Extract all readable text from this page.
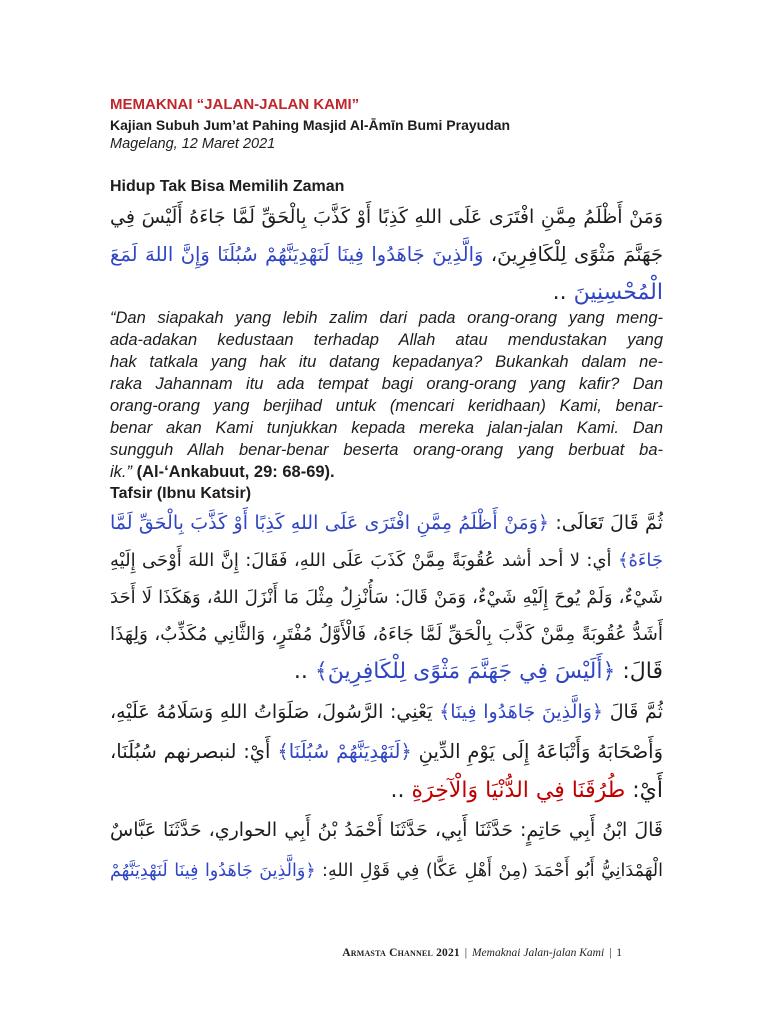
MEMAKNAI “JALAN-JALAN KAMI”
Kajian Subuh Jum’at Pahing Masjid Al-Āmīn Bumi Prayudan
Magelang, 12 Maret 2021
Hidup Tak Bisa Memilih Zaman
وَمَنْ أَظْلَمُ مِمَّنِ افْتَرَى عَلَى اللهِ كَذِبًا أَوْ كَذَّبَ بِالْحَقِّ لَمَّا جَاءَهُ أَلَيْسَ فِي
جَهَنَّمَ مَثْوًى لِلْكَافِرِينَ، وَالَّذِينَ جَاهَدُوا فِينَا لَنَهْدِيَنَّهُمْ سُبُلَنَا وَإِنَّ اللهَ لَمَعَ
الْمُحْسِنِينَ ..
“Dan siapakah yang lebih zalim dari pada orang-orang yang meng-
ada-adakan kedustaan terhadap Allah atau mendustakan yang
hak tatkala yang hak itu datang kepadanya? Bukankah dalam ne-
raka Jahannam itu ada tempat bagi orang-orang yang kafir? Dan
orang-orang yang berjihad untuk (mencari keridhaan) Kami, benar-
benar akan Kami tunjukkan kepada mereka jalan-jalan Kami. Dan
sungguh Allah benar-benar beserta orang-orang yang berbuat ba-
ik.” (Al-‘Ankabuut, 29: 68-69).
Tafsir (Ibnu Katsir)
ثُمَّ قَالَ تَعَالَى: ﴿وَمَنْ أَظْلَمُ مِمَّنِ افْتَرَى عَلَى اللهِ كَذِبًا أَوْ كَذَّبَ بِالْحَقِّ لَمَّا
جَاءَهُ﴾ أي: لا أحد أشد عُقُوبَةً مِمَّنْ كَذَبَ عَلَى اللهِ، فَقَالَ: إِنَّ اللهَ أَوْحَى إِلَيْهِ
شَيْءٌ، وَلَمْ يُوحَ إِلَيْهِ شَيْءٌ، وَمَنْ قَالَ: سَأُنْزِلُ مِثْلَ مَا أَنْزَلَ اللهُ، وَهَكَذَا لَا أَحَدَ
أَشَدُّ عُقُوبَةً مِمَّنْ كَذَّبَ بِالْحَقِّ لَمَّا جَاءَهُ، فَالْأَوَّلُ مُفْتَرٍ، وَالثَّانِي مُكَذِّبٌ، وَلِهَذَا
قَالَ: ﴿أَلَيْسَ فِي جَهَنَّمَ مَثْوًى لِلْكَافِرِينَ﴾ ..
ثُمَّ قَالَ ﴿وَالَّذِينَ جَاهَدُوا فِينَا﴾ يَعْنِي: الرَّسُولَ، صَلَوَاتُ اللهِ وَسَلَامُهُ عَلَيْهِ،
وَأَصْحَابَهُ وَأَتْبَاعَهُ إِلَى يَوْمِ الدِّينِ ﴿لَنَهْدِيَنَّهُمْ سُبُلَنَا﴾ أَيْ: لنبصرنهم سُبُلَنَا،
أَيْ: طُرُقَنَا فِي الدُّنْيَا وَالْآخِرَةِ ..
قَالَ ابْنُ أَبِي حَاتِمٍ: حَدَّثَنَا أَبِي، حَدَّثَنَا أَحْمَدُ بْنُ أَبِي الحواري، حَدَّثَنَا عَبَّاسٌ
الْهَمْدَانِيُّ أَبُو أَحْمَدَ (مِنْ أَهْلِ عَكَّا) فِي قَوْلِ اللهِ: ﴿وَالَّذِينَ جَاهَدُوا فِينَا لَنَهْدِيَنَّهُمْ
Armasta Channel 2021 | Memaknai Jalan-jalan Kami | 1
